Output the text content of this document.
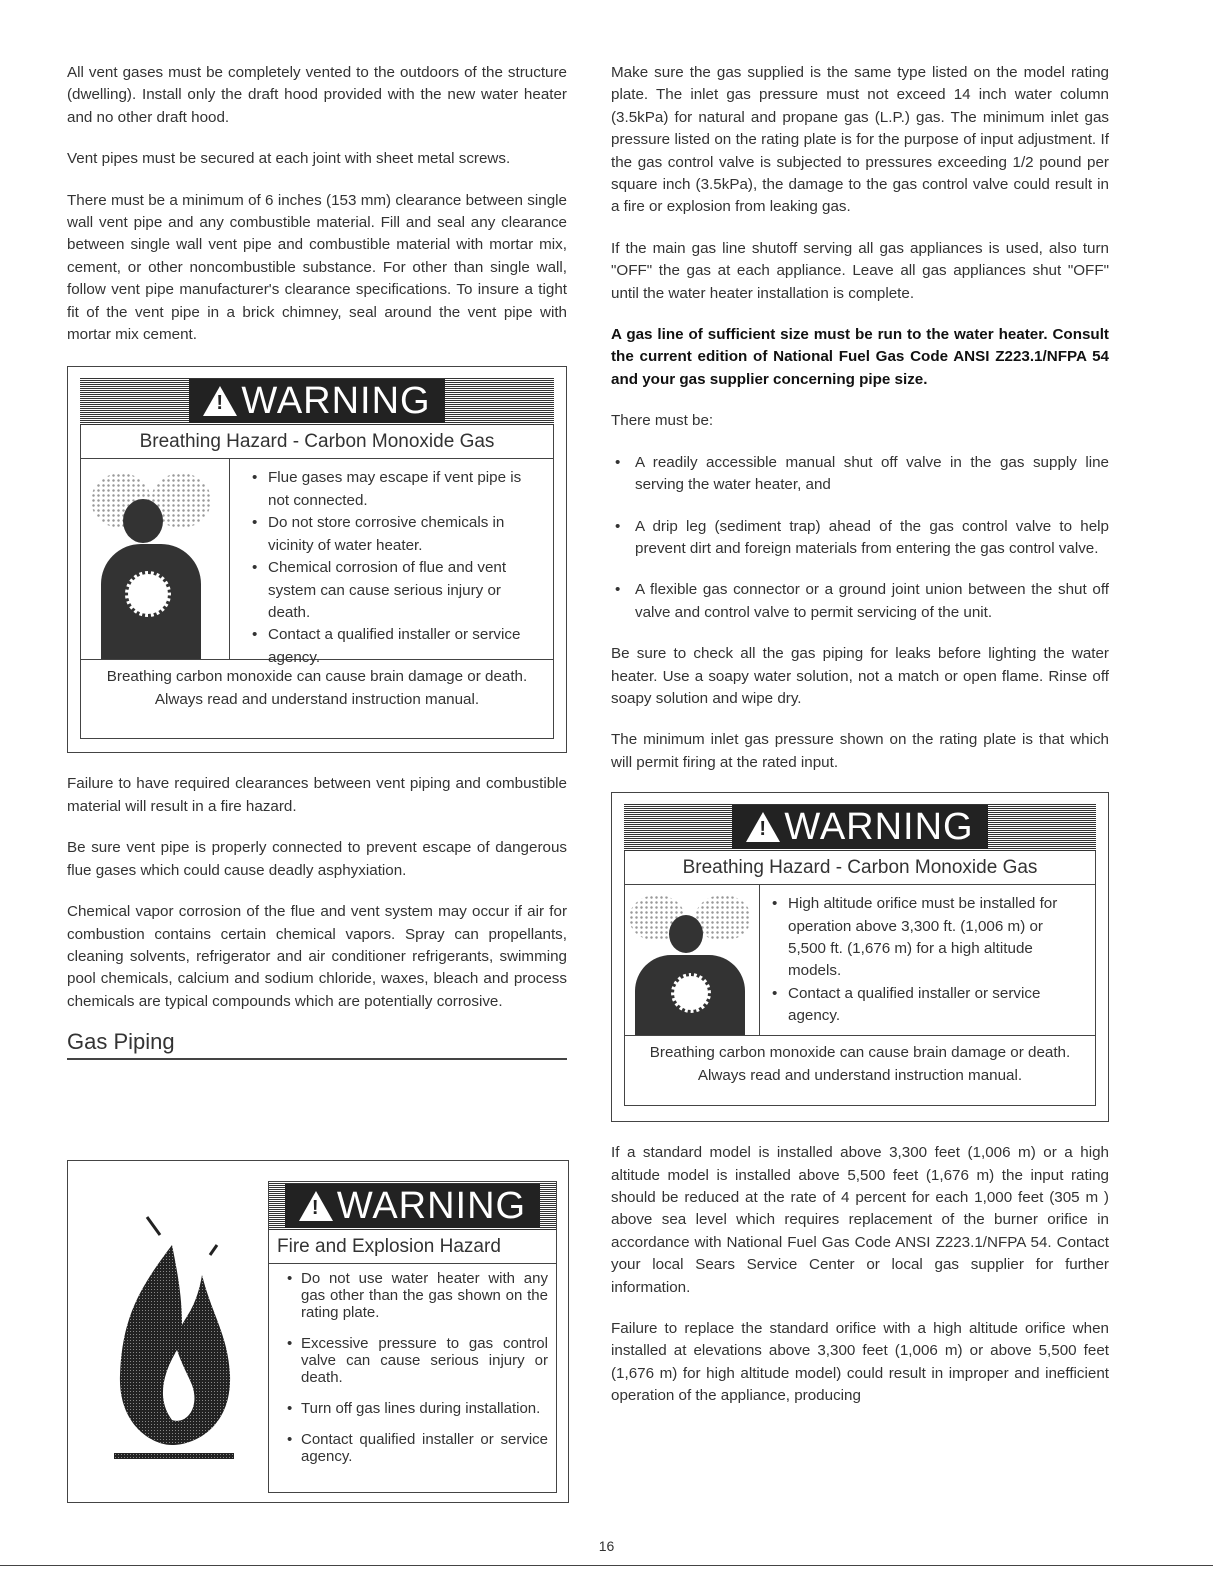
All vent gases must be completely vented to the outdoors of the structure (dwelling). Install only the draft hood provided with the new water heater and no other draft hood.

Vent pipes must be secured at each joint with sheet metal screws.

There must be a minimum of 6 inches (153 mm) clearance between single wall vent pipe and any combustible material. Fill and seal any clearance between single wall vent pipe and combustible material with mortar mix, cement, or other noncombustible substance. For other than single wall, follow vent pipe manufacturer's clearance specifications. To insure a tight fit of the vent pipe in a brick chimney, seal around the vent pipe with mortar mix cement.

! WARNING
Breathing Hazard - Carbon Monoxide Gas
• Flue gases may escape if vent pipe is not connected.
• Do not store corrosive chemicals in vicinity of water heater.
• Chemical corrosion of flue and vent system can cause serious injury or death.
• Contact a qualified installer or service agency.
Breathing carbon monoxide can cause brain damage or death. Always read and understand instruction manual.

Failure to have required clearances between vent piping and combustible material will result in a fire hazard.

Be sure vent pipe is properly connected to prevent escape of dangerous flue gases which could cause deadly asphyxiation.

Chemical vapor corrosion of the flue and vent system may occur if air for combustion contains certain chemical vapors. Spray can propellants, cleaning solvents, refrigerator and air conditioner refrigerants, swimming pool chemicals, calcium and sodium chloride, waxes, bleach and process chemicals are typical compounds which are potentially corrosive.

Gas Piping
! WARNING
Fire and Explosion Hazard
• Do not use water heater with any gas other than the gas shown on the rating plate.
• Excessive pressure to gas control valve can cause serious injury or death.
• Turn off gas lines during installation.
• Contact qualified installer or service agency.

Make sure the gas supplied is the same type listed on the model rating plate. The inlet gas pressure must not exceed 14 inch water column (3.5kPa) for natural and propane gas (L.P.) gas. The minimum inlet gas pressure listed on the rating plate is for the purpose of input adjustment. If the gas control valve is subjected to pressures exceeding 1/2 pound per square inch (3.5kPa), the damage to the gas control valve could result in a fire or explosion from leaking gas.

If the main gas line shutoff serving all gas appliances is used, also turn "OFF" the gas at each appliance. Leave all gas appliances shut "OFF" until the water heater installation is complete.

A gas line of sufficient size must be run to the water heater. Consult the current edition of National Fuel Gas Code ANSI Z223.1/NFPA 54 and your gas supplier concerning pipe size.

There must be:

• A readily accessible manual shut off valve in the gas supply line serving the water heater, and
• A drip leg (sediment trap) ahead of the gas control valve to help prevent dirt and foreign materials from entering the gas control valve.
• A flexible gas connector or a ground joint union between the shut off valve and control valve to permit servicing of the unit.

Be sure to check all the gas piping for leaks before lighting the water heater. Use a soapy water solution, not a match or open flame. Rinse off soapy solution and wipe dry.

The minimum inlet gas pressure shown on the rating plate is that which will permit firing at the rated input.

! WARNING
Breathing Hazard - Carbon Monoxide Gas
• High altitude orifice must be installed for operation above 3,300 ft. (1,006 m) or 5,500 ft. (1,676 m) for a high altitude models.
• Contact a qualified installer or service agency.
Breathing carbon monoxide can cause brain damage or death. Always read and understand instruction manual.

If a standard model is installed above 3,300 feet (1,006 m) or a high altitude model is installed above 5,500 feet (1,676 m) the input rating should be reduced at the rate of 4 percent for each 1,000 feet (305 m ) above sea level which requires replacement of the burner orifice in accordance with National Fuel Gas Code ANSI Z223.1/NFPA 54. Contact your local Sears Service Center or local gas supplier for further information.

Failure to replace the standard orifice with a high altitude orifice when installed at elevations above 3,300 feet (1,006 m) or above 5,500 feet (1,676 m) for high altitude model) could result in improper and inefficient operation of the appliance, producing

16
